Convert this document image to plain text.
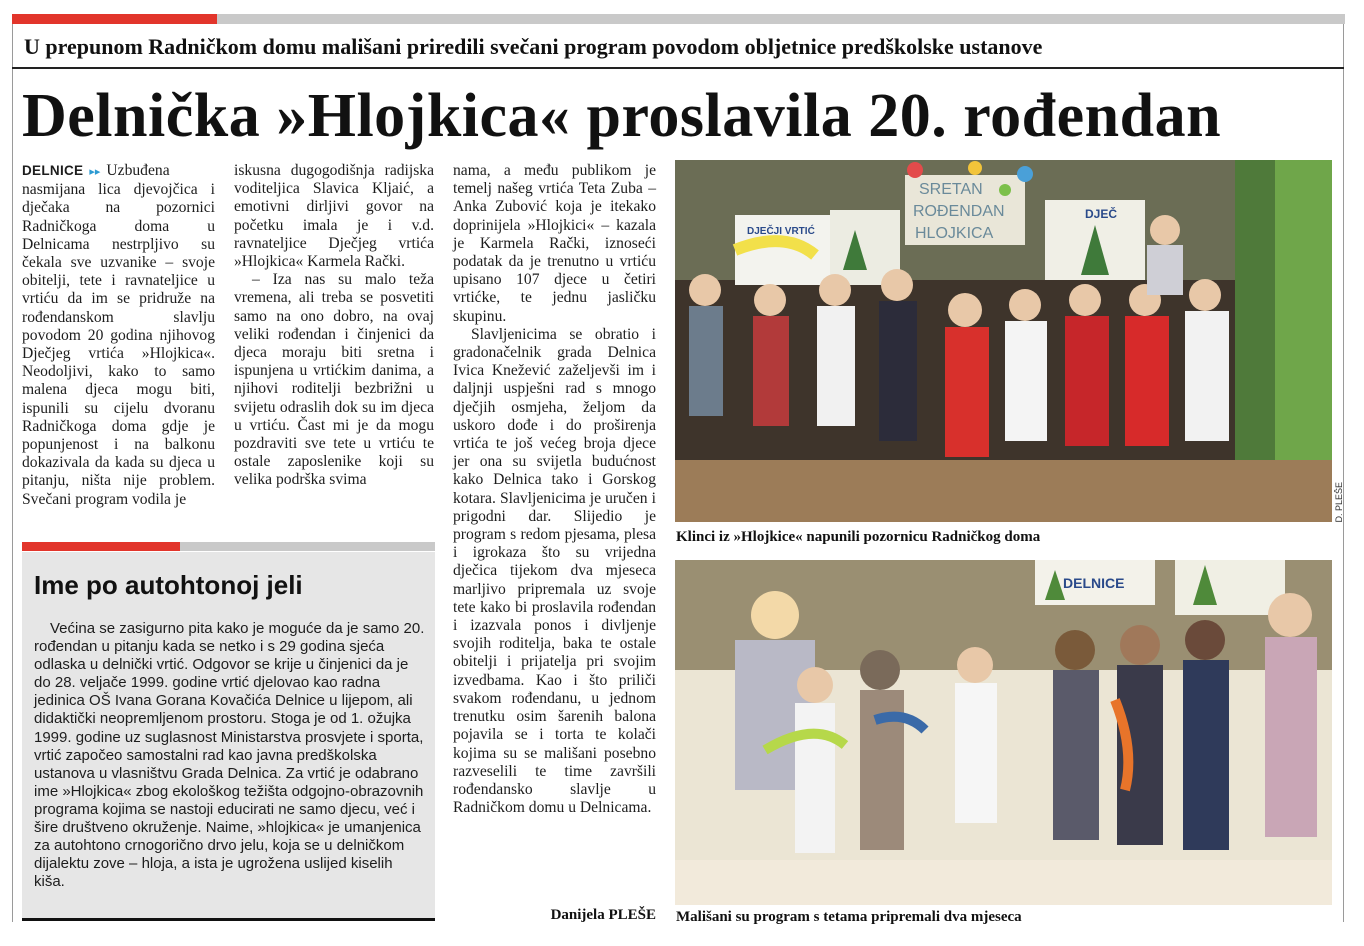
U prepunom Radničkom domu mališani priredili svečani program povodom obljetnice predškolske ustanove
Delnička »Hlojkica« proslavila 20. rođendan

DELNICE ▸▸ Uzbuđena nasmijana lica djevojčica i dječaka na pozornici Radničkoga doma u Delnicama nestrpljivo su čekala sve uzvanike – svoje obitelji, tete i ravnateljice u vrtiću da im se pridruže na rođendanskom slavlju povodom 20 godina njihovog Dječjeg vrtića »Hlojkica«. Neodoljivi, kako to samo malena djeca mogu biti, ispunili su cijelu dvoranu Radničkoga doma gdje je popunjenost i na balkonu dokazivala da kada su djeca u pitanju, ništa nije problem. Svečani program vodila je

iskusna dugogodišnja radijska voditeljica Slavica Kljaić, a emotivni dirljivi govor na početku imala je i v.d. ravnateljice Dječjeg vrtića »Hlojkica« Karmela Rački.

– Iza nas su malo teža vremena, ali treba se posvetiti samo na ono dobro, na ovaj veliki rođendan i činjenici da djeca moraju biti sretna i ispunjena u vrtićkim danima, a njihovi roditelji bezbrižni u svijetu odraslih dok su im djeca u vrtiću. Čast mi je da mogu pozdraviti sve tete u vrtiću te ostale zaposlenike koji su velika podrška svima

nama, a među publikom je temelj našeg vrtića Teta Zuba – Anka Zubović koja je itekako doprinijela »Hlojkici« – kazala je Karmela Rački, iznoseći podatak da je trenutno u vrtiću upisano 107 djece u četiri vrtićke, te jednu jasličku skupinu.

Slavljenicima se obratio i gradonačelnik grada Delnica Ivica Knežević zaželjevši im i daljnji uspješni rad s mnogo dječjih osmjeha, željom da uskoro dođe i do proširenja vrtića te još većeg broja djece jer ona su svijetla budućnost kako Delnica tako i Gorskog kotara. Slavljenicima je uručen i prigodni dar. Slijedio je program s redom pjesama, plesa i igrokaza što su vrijedna dječica tijekom dva mjeseca marljivo pripremala uz svoje tete kako bi proslavila rođendan i izazvala ponos i divljenje svojih roditelja, baka te ostale obitelji i prijatelja pri svojim izvedbama. Kao i što priliči svakom rođendanu, u jednom trenutku osim šarenih balona pojavila se i torta te kolači kojima su se mališani posebno razveselili te time završili rođendansko slavlje u Radničkom domu u Delnicama.

Danijela PLEŠE
Ime po autohtonoj jeli

Većina se zasigurno pita kako je moguće da je samo 20. rođendan u pitanju kada se netko i s 29 godina sjeća odlaska u delnički vrtić. Odgovor se krije u činjenici da je do 28. veljače 1999. godine vrtić djelovao kao radna jedinica OŠ Ivana Gorana Kovačića Delnice u lijepom, ali didaktički neopremljenom prostoru. Stoga je od 1. ožujka 1999. godine uz suglasnost Ministarstva prosvjete i sporta, vrtić započeo samostalni rad kao javna predškolska ustanova u vlasništvu Grada Delnica. Za vrtić je odabrano ime »Hlojkica« zbog ekološkog težišta odgojno-obrazovnih programa kojima se nastoji educirati ne samo djecu, već i šire društveno okruženje. Naime, »hlojkica« je umanjenica za autohtono crnogorično drvo jelu, koja se u delničkom dijalektu zove – hloja, a ista je ugrožena uslijed kiselih kiša.

DJEČJI VRTIĆ
SRETAN
ROĐENDAN
HLOJKICA
DJEČ
D. PLEŠE
Klinci iz »Hlojkice« napunili pozornicu Radničkog doma
DELNICE
Mališani su program s tetama pripremali dva mjeseca
